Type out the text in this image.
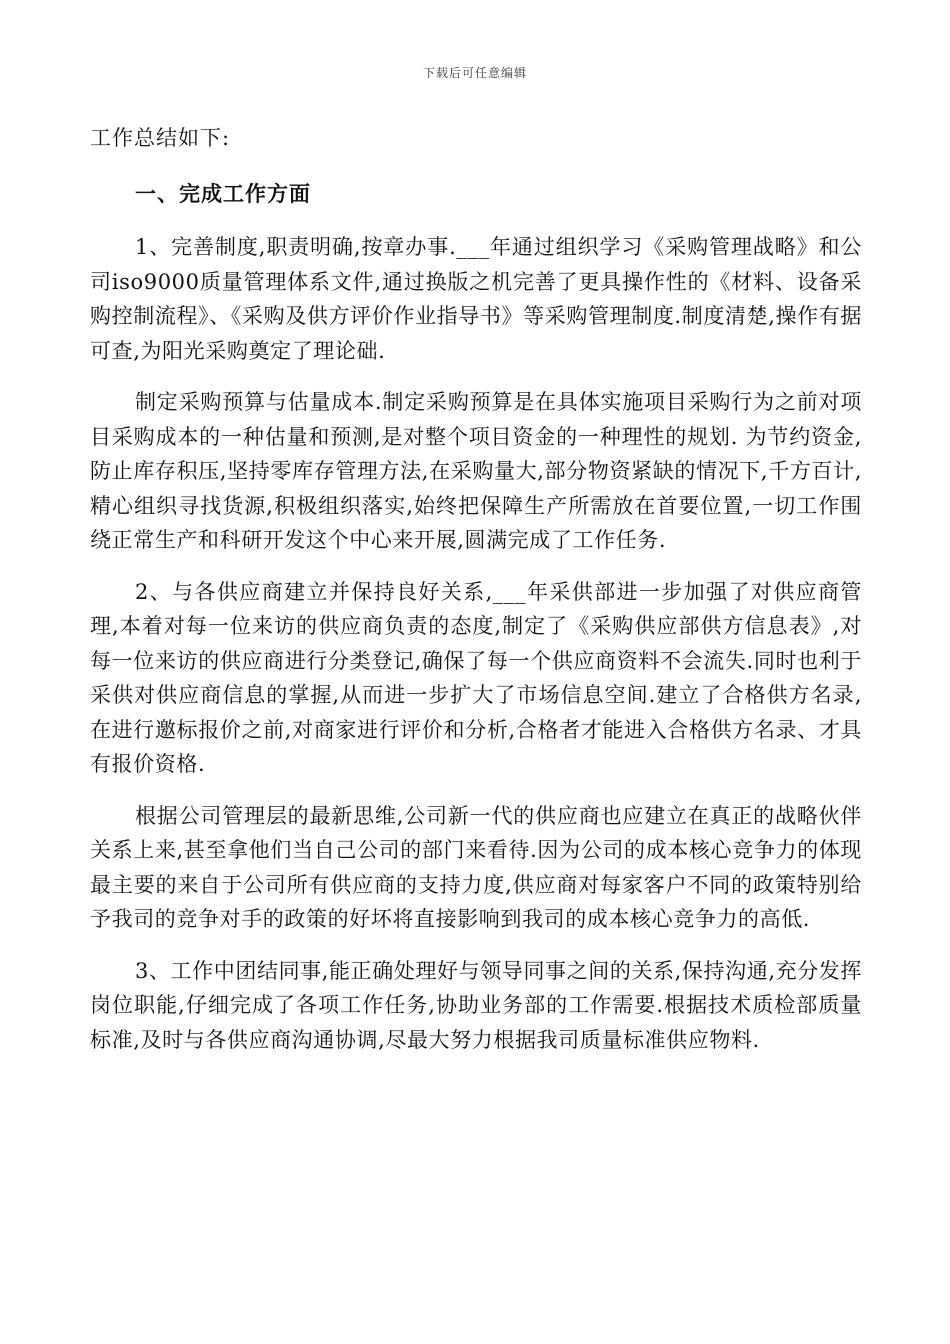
下载后可任意编辑

工作总结如下:

一、完成工作方面

1、完善制度,职责明确,按章办事.___年通过组织学习《采购管理战略》和公司iso9000质量管理体系文件,通过换版之机完善了更具操作性的《材料、设备采购控制流程》、《采购及供方评价作业指导书》等采购管理制度.制度清楚,操作有据可查,为阳光采购奠定了理论础.

制定采购预算与估量成本.制定采购预算是在具体实施项目采购行为之前对项目采购成本的一种估量和预测,是对整个项目资金的一种理性的规划. 为节约资金,防止库存积压,坚持零库存管理方法,在采购量大,部分物资紧缺的情况下,千方百计,精心组织寻找货源,积极组织落实,始终把保障生产所需放在首要位置,一切工作围绕正常生产和科研开发这个中心来开展,圆满完成了工作任务.

2、与各供应商建立并保持良好关系,___年采供部进一步加强了对供应商管理,本着对每一位来访的供应商负责的态度,制定了《采购供应部供方信息表》,对每一位来访的供应商进行分类登记,确保了每一个供应商资料不会流失.同时也利于采供对供应商信息的掌握,从而进一步扩大了市场信息空间.建立了合格供方名录,在进行邀标报价之前,对商家进行评价和分析,合格者才能进入合格供方名录、才具有报价资格.

根据公司管理层的最新思维,公司新一代的供应商也应建立在真正的战略伙伴关系上来,甚至拿他们当自己公司的部门来看待.因为公司的成本核心竞争力的体现最主要的来自于公司所有供应商的支持力度,供应商对每家客户不同的政策特别给予我司的竞争对手的政策的好坏将直接影响到我司的成本核心竞争力的高低.

3、工作中团结同事,能正确处理好与领导同事之间的关系,保持沟通,充分发挥岗位职能,仔细完成了各项工作任务,协助业务部的工作需要.根据技术质检部质量标准,及时与各供应商沟通协调,尽最大努力根据我司质量标准供应物料.
